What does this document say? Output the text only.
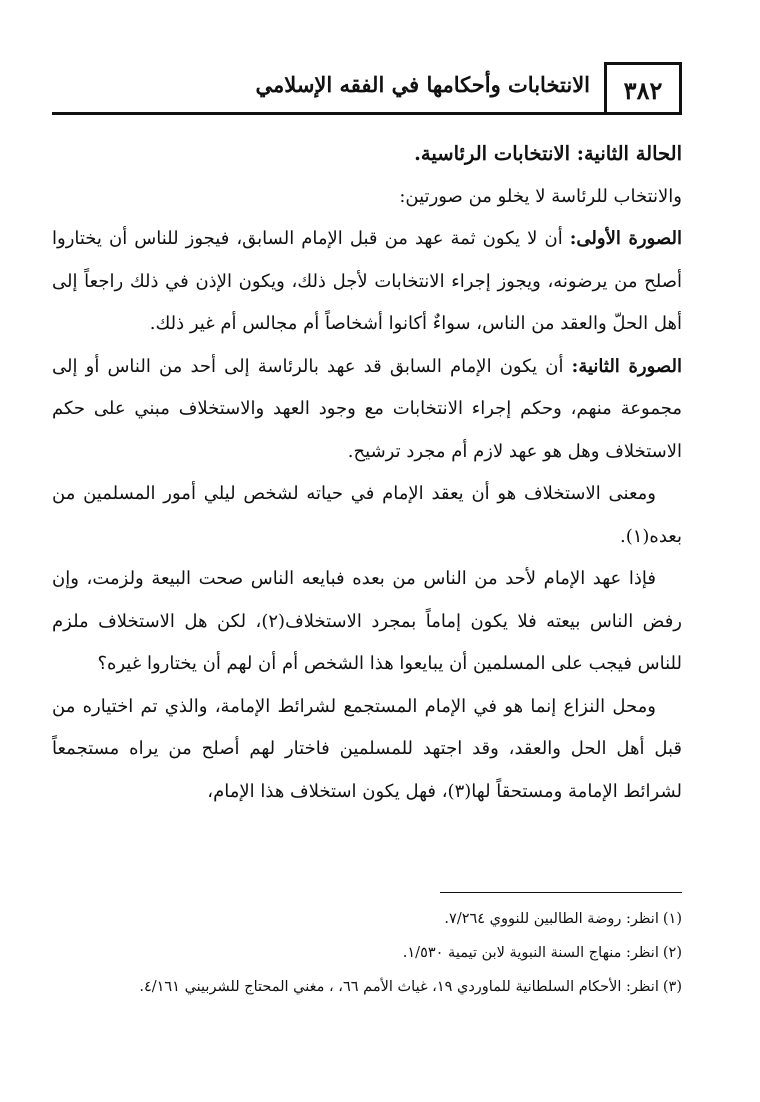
٣٨٢
الانتخابات وأحكامها في الفقه الإسلامي

الحالة الثانية: الانتخابات الرئاسية.

والانتخاب للرئاسة لا يخلو من صورتين:

الصورة الأولى: أن لا يكون ثمة عهد من قبل الإمام السابق، فيجوز للناس أن يختاروا أصلح من يرضونه، ويجوز إجراء الانتخابات لأجل ذلك، ويكون الإذن في ذلك راجعاً إلى أهل الحلّ والعقد من الناس، سواءٌ أكانوا أشخاصاً أم مجالس أم غير ذلك.

الصورة الثانية: أن يكون الإمام السابق قد عهد بالرئاسة إلى أحد من الناس أو إلى مجموعة منهم، وحكم إجراء الانتخابات مع وجود العهد والاستخلاف مبني على حكم الاستخلاف وهل هو عهد لازم أم مجرد ترشيح.

ومعنى الاستخلاف هو أن يعقد الإمام في حياته لشخص ليلي أمور المسلمين من بعده(١).

فإذا عهد الإمام لأحد من الناس من بعده فبايعه الناس صحت البيعة ولزمت، وإن رفض الناس بيعته فلا يكون إماماً بمجرد الاستخلاف(٢)، لكن هل الاستخلاف ملزم للناس فيجب على المسلمين أن يبايعوا هذا الشخص أم أن لهم أن يختاروا غيره؟

ومحل النزاع إنما هو في الإمام المستجمع لشرائط الإمامة، والذي تم اختياره من قبل أهل الحل والعقد، وقد اجتهد للمسلمين فاختار لهم أصلح من يراه مستجمعاً لشرائط الإمامة ومستحقاً لها(٣)، فهل يكون استخلاف هذا الإمام،

(١)انظر: روضة الطالبين للنووي ٧/٢٦٤.

(٢)انظر: منهاج السنة النبوية لابن تيمية ١/٥٣٠.

(٣)انظر: الأحكام السلطانية للماوردي ١٩، غياث الأمم ٦٦، ، مغني المحتاج للشربيني ٤/١٦١.
